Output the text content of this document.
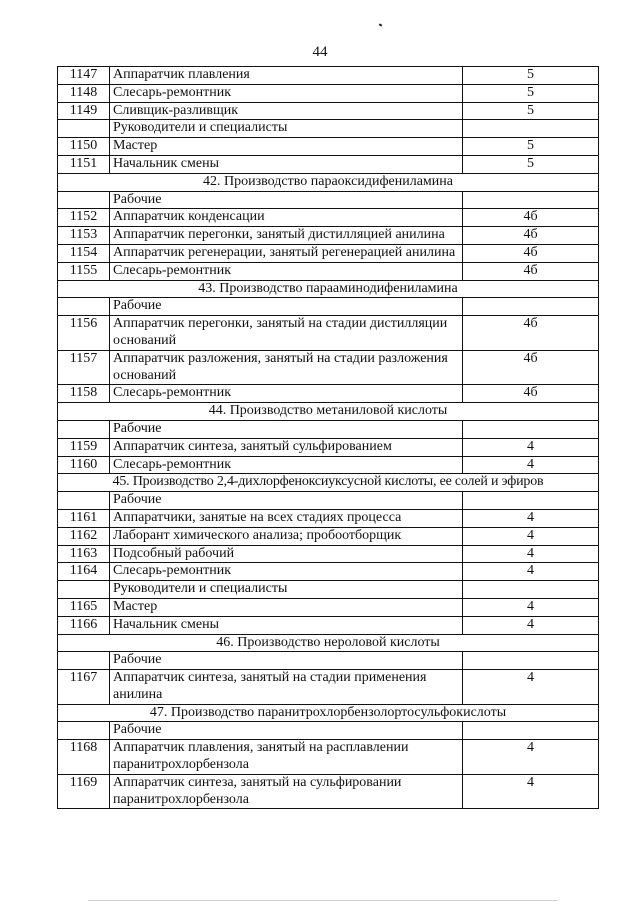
44
1147	Аппаратчик плавления	5
1148	Слесарь-ремонтник	5
1149	Сливщик-разливщик	5
	Руководители и специалисты	
1150	Мастер	5
1151	Начальник смены	5
42. Производство параоксидифениламина		
	Рабочие	
1152	Аппаратчик конденсации	4б
1153	Аппаратчик перегонки, занятый дистилляцией анилина	4б
1154	Аппаратчик регенерации, занятый регенерацией анилина	4б
1155	Слесарь-ремонтник	4б
43. Производство парааминодифениламина		
	Рабочие	
1156	Аппаратчик перегонки, занятый на стадии дистилляции оснований	4б
1157	Аппаратчик разложения, занятый на стадии разложения оснований	4б
1158	Слесарь-ремонтник	4б
44. Производство метаниловой кислоты		
	Рабочие	
1159	Аппаратчик синтеза, занятый сульфированием	4
1160	Слесарь-ремонтник	4
45. Производство 2,4-дихлорфеноксиуксусной кислоты, ее солей и эфиров		
	Рабочие	
1161	Аппаратчики, занятые на всех стадиях процесса	4
1162	Лаборант химического анализа; пробоотборщик	4
1163	Подсобный рабочий	4
1164	Слесарь-ремонтник	4
	Руководители и специалисты	
1165	Мастер	4
1166	Начальник смены	4
46. Производство нероловой кислоты		
	Рабочие	
1167	Аппаратчик синтеза, занятый на стадии применения анилина	4
47. Производство паранитрохлорбензолортосульфокислоты		
	Рабочие	
1168	Аппаратчик плавления, занятый на расплавлении паранитрохлорбензола	4
1169	Аппаратчик синтеза, занятый на сульфировании паранитрохлорбензола	4
